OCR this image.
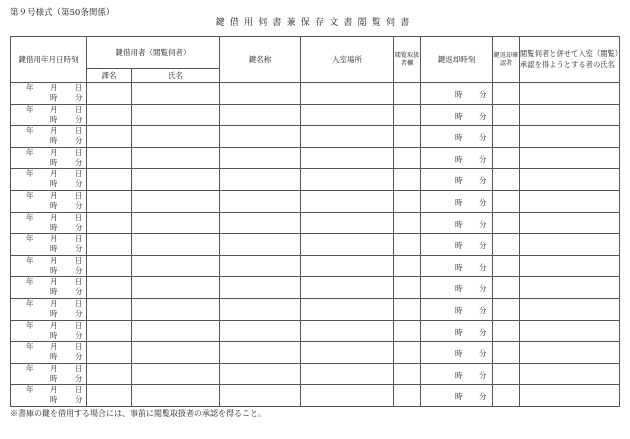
第９号様式（第50条関係）
鍵借用伺書兼保存文書閲覧伺書
鍵借用年月日時刻	鍵借用者（閲覧伺者）		鍵名称	入室場所	閲覧取扱者欄	鍵返却時刻	鍵返却確認者	閲覧伺者と併せて入室（閲覧）承認を得ようとする者の氏名
	課名	氏名						

年 月 日
時 分						時 分		

年 月 日
時 分						時 分		

年 月 日
時 分						時 分		

年 月 日
時 分						時 分		

年 月 日
時 分						時 分		

年 月 日
時 分						時 分		

年 月 日
時 分						時 分		

年 月 日
時 分						時 分		

年 月 日
時 分						時 分		

年 月 日
時 分						時 分		

年 月 日
時 分						時 分		

年 月 日
時 分						時 分		

年 月 日
時 分						時 分		

年 月 日
時 分						時 分		

年 月 日
時 分						時 分		

※書庫の鍵を借用する場合には、事前に閲覧取扱者の承認を得ること。
